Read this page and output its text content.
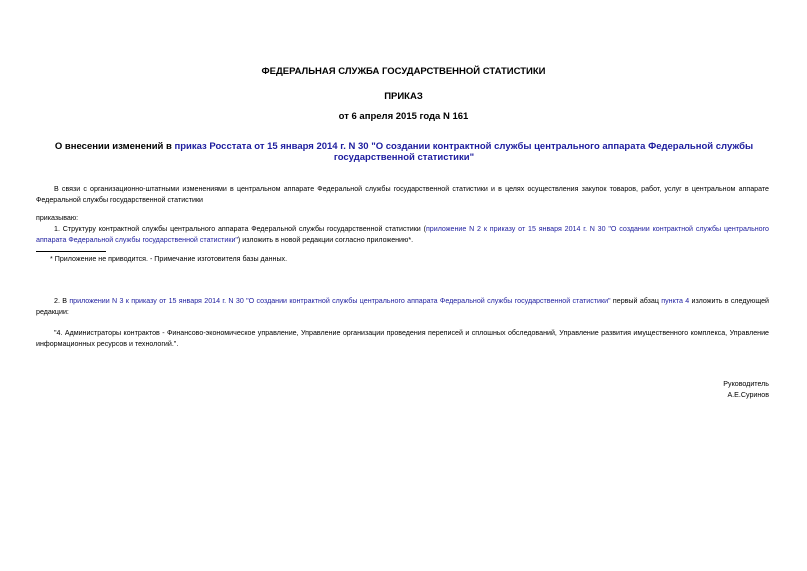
ФЕДЕРАЛЬНАЯ СЛУЖБА ГОСУДАРСТВЕННОЙ СТАТИСТИКИ
ПРИКАЗ
от 6 апреля 2015 года N 161
О внесении изменений в приказ Росстата от 15 января 2014 г. N 30 "О создании контрактной службы центрального аппарата Федеральной службы государственной статистики"
В связи с организационно-штатными изменениями в центральном аппарате Федеральной службы государственной статистики и в целях осуществления закупок товаров, работ, услуг в центральном аппарате Федеральной службы государственной статистики
приказываю:
1. Структуру контрактной службы центрального аппарата Федеральной службы государственной статистики (приложение N 2 к приказу от 15 января 2014 г. N 30 "О создании контрактной службы центрального аппарата Федеральной службы государственной статистики") изложить в новой редакции согласно приложению*.
* Приложение не приводится. - Примечание изготовителя базы данных.
2. В приложении N 3 к приказу от 15 января 2014 г. N 30 "О создании контрактной службы центрального аппарата Федеральной службы государственной статистики" первый абзац пункта 4 изложить в следующей редакции:
"4. Администраторы контрактов - Финансово-экономическое управление, Управление организации проведения переписей и сплошных обследований, Управление развития имущественного комплекса, Управление информационных ресурсов и технологий.".
Руководитель
А.Е.Суринов
